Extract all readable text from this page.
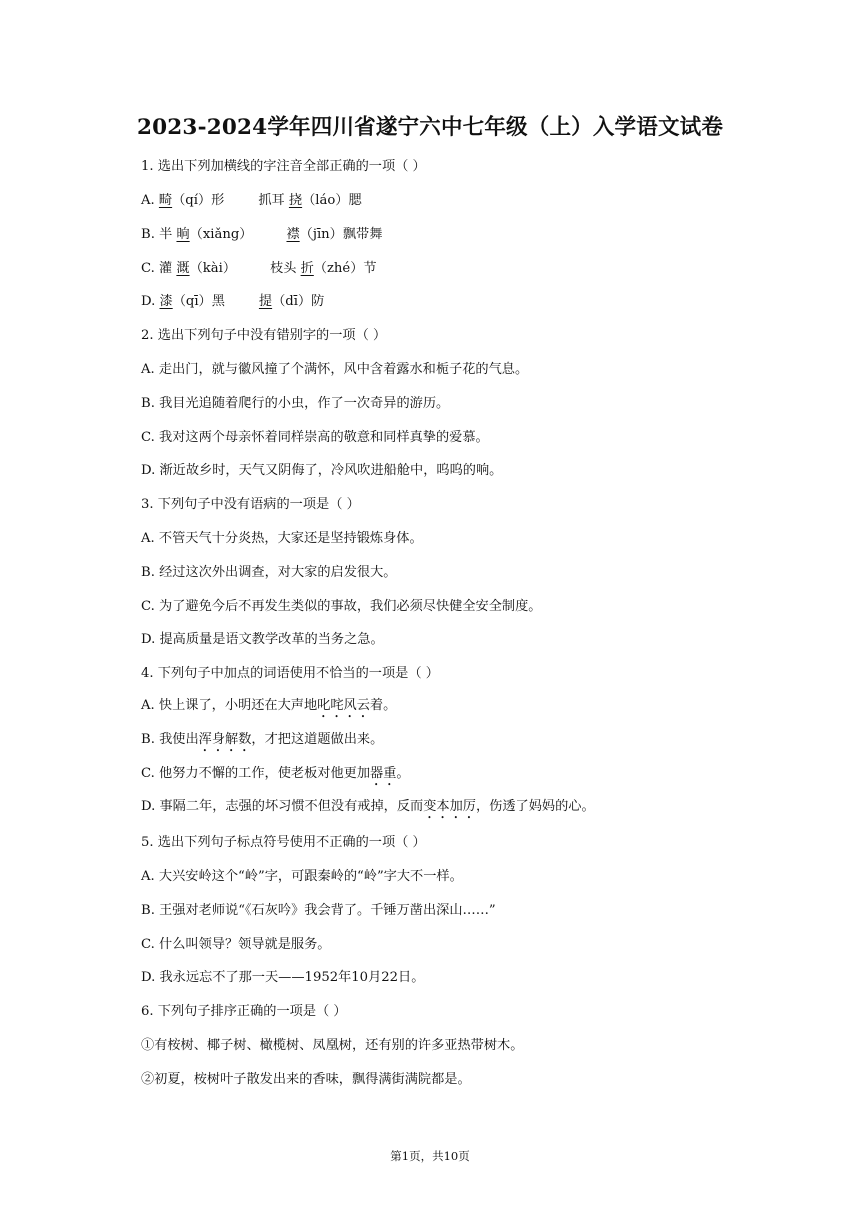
2023-2024学年四川省遂宁六中七年级（上）入学语文试卷
1. 选出下列加横线的字注音全部正确的一项（ ）
A. 畸（qí）形	抓耳 挠（láo）腮
B. 半 晌（xiǎng）	襟（jīn）飘带舞
C. 灌 溉（kài）	枝头 折（zhé）节
D. 漆（qī）黑	提（dī）防
2. 选出下列句子中没有错别字的一项（ ）
A. 走出门，就与徽风撞了个满怀，风中含着露水和栀子花的气息。
B. 我目光追随着爬行的小虫，作了一次奇异的游历。
C. 我对这两个母亲怀着同样崇高的敬意和同样真挚的爱慕。
D. 渐近故乡时，天气又阴侮了，冷风吹进船舱中，呜呜的响。
3. 下列句子中没有语病的一项是（ ）
A. 不管天气十分炎热，大家还是坚持锻炼身体。
B. 经过这次外出调查，对大家的启发很大。
C. 为了避免今后不再发生类似的事故，我们必须尽快健全安全制度。
D. 提高质量是语文教学改革的当务之急。
4. 下列句子中加点的词语使用不恰当的一项是（ ）
A. 快上课了，小明还在大声地叱咤风云着。
B. 我使出浑身解数，才把这道题做出来。
C. 他努力不懈的工作，使老板对他更加器重。
D. 事隔二年，志强的坏习惯不但没有戒掉，反而变本加厉，伤透了妈妈的心。
5. 选出下列句子标点符号使用不正确的一项（ ）
A. 大兴安岭这个“岭”字，可跟秦岭的“岭”字大不一样。
B. 王强对老师说“《石灰吟》我会背了。千锤万凿出深山……”
C. 什么叫领导？领导就是服务。
D. 我永远忘不了那一天——1952年10月22日。
6. 下列句子排序正确的一项是（ ）
①有桉树、椰子树、橄榄树、凤凰树，还有别的许多亚热带树木。
②初夏，桉树叶子散发出来的香味，飘得满街满院都是。
第1页，共10页
